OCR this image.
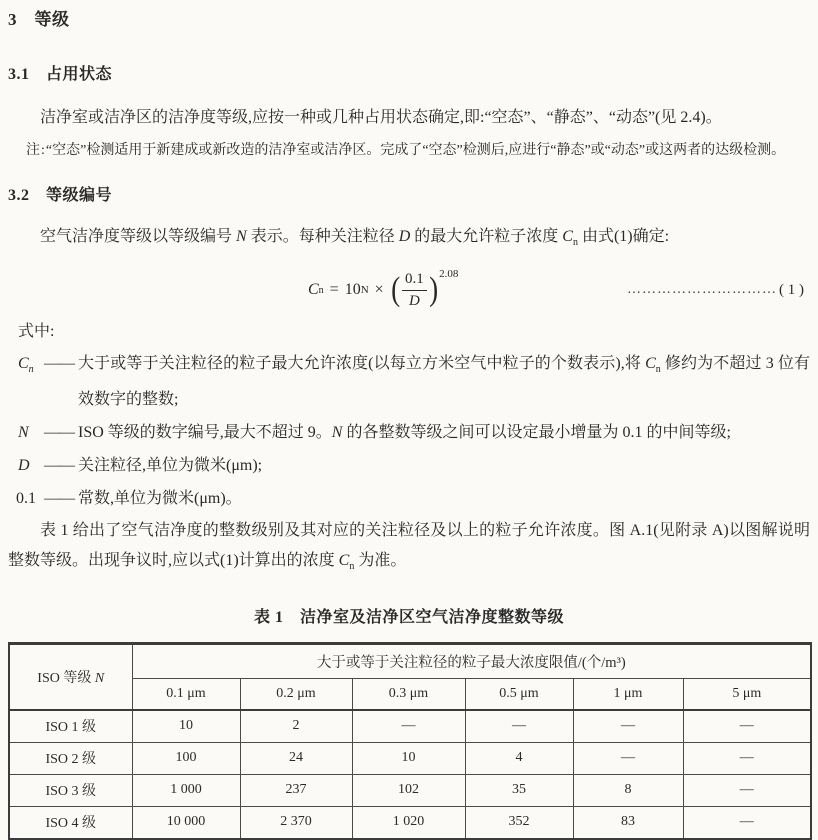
3　等级
3.1　占用状态

洁净室或洁净区的洁净度等级,应按一种或几种占用状态确定,即:“空态”、“静态”、“动态”(见 2.4)。

注:“空态”检测适用于新建成或新改造的洁净室或洁净区。完成了“空态”检测后,应进行“静态”或“动态”或这两者的达级检测。
3.2　等级编号

空气洁净度等级以等级编号 N 表示。每种关注粒径 D 的最大允许粒子浓度 $C_n$ 由式(1)确定:

C n = 10 N × ( $\frac{0.1}{D} )^{2.08}$
………………………… ( 1 )

式中:

$C_n$ —— 大于或等于关注粒径的粒子最大允许浓度(以每立方米空气中粒子的个数表示),将 $C_n$ 修约为不超过 3 位有效数字的整数;
N —— ISO 等级的数字编号,最大不超过 9。N 的各整数等级之间可以设定最小增量为 0.1 的中间等级;
D —— 关注粒径,单位为微米(μm);
0.1 —— 常数,单位为微米(μm)。

表 1 给出了空气洁净度的整数级别及其对应的关注粒径及以上的粒子允许浓度。图 A.1(见附录 A)以图解说明整数等级。出现争议时,应以式(1)计算出的浓度 $C_n$ 为准。

表 1　洁净室及洁净区空气洁净度整数等级

ISO 等级 N	大于或等于关注粒径的粒子最大浓度限值/(个/m³)					
	0.1 μm	0.2 μm	0.3 μm	0.5 μm	1 μm	5 μm
ISO 1 级	10	2	—	—	—	—
ISO 2 级	100	24	10	4	—	—
ISO 3 级	1 000	237	102	35	8	—
ISO 4 级	10 000	2 370	1 020	352	83	—
